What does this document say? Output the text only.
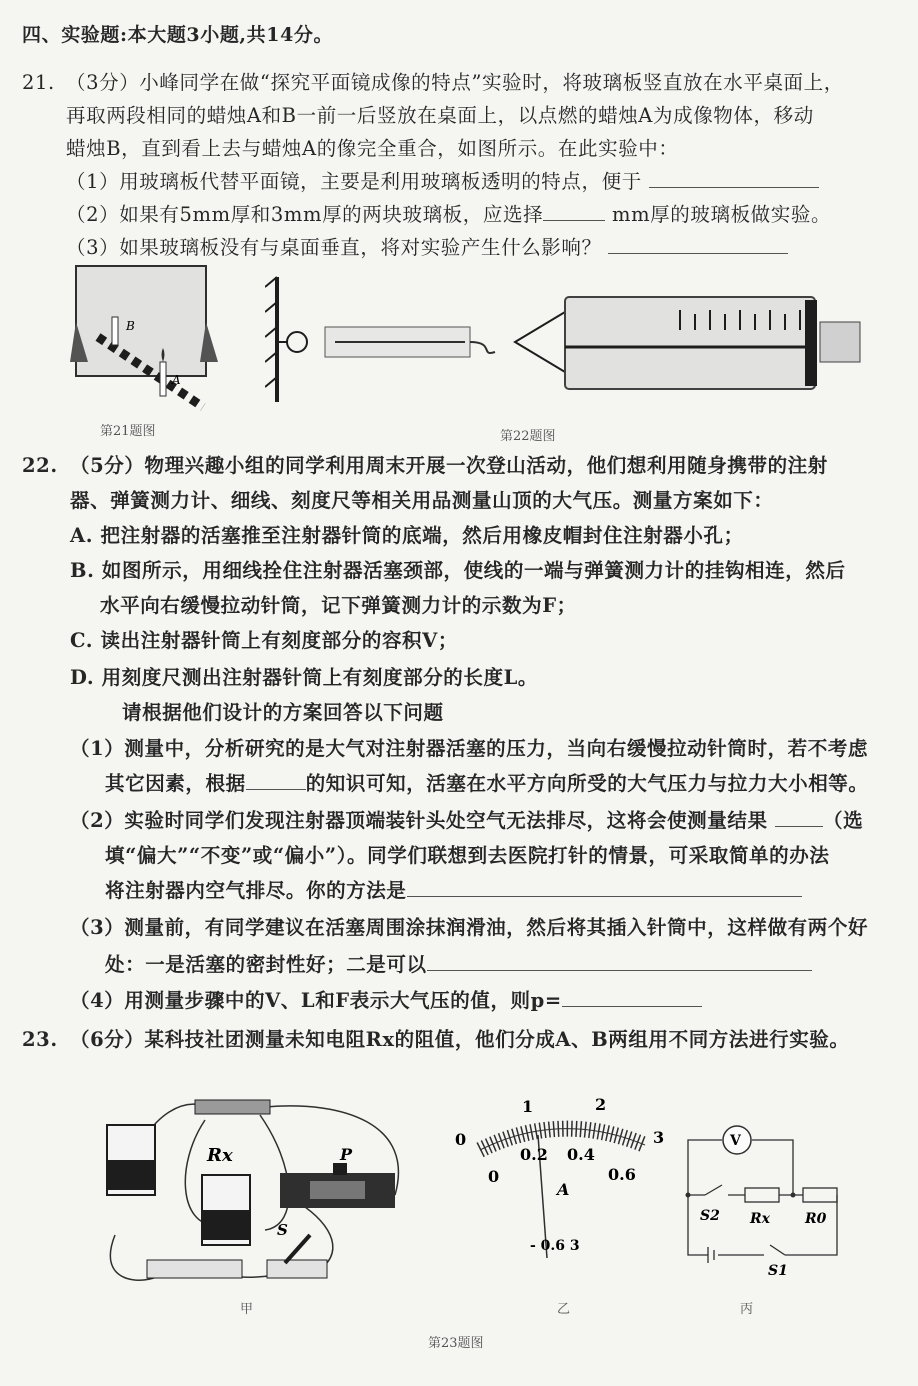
四、实验题:本大题3小题,共14分。
21. （3分）小峰同学在做“探究平面镜成像的特点”实验时，将玻璃板竖直放在水平桌面上，
再取两段相同的蜡烛A和B一前一后竖放在桌面上，以点燃的蜡烛A为成像物体，移动
蜡烛B，直到看上去与蜡烛A的像完全重合，如图所示。在此实验中：
（1）用玻璃板代替平面镜，主要是利用玻璃板透明的特点，便于
（2）如果有5mm厚和3mm厚的两块玻璃板，应选择	mm厚的玻璃板做实验。
（3）如果玻璃板没有与桌面垂直，将对实验产生什么影响？
B
A
第21题图	第22题图
22. （5分）物理兴趣小组的同学利用周末开展一次登山活动，他们想利用随身携带的注射
器、弹簧测力计、细线、刻度尺等相关用品测量山顶的大气压。测量方案如下：
A. 把注射器的活塞推至注射器针筒的底端，然后用橡皮帽封住注射器小孔；
B. 如图所示，用细线拴住注射器活塞颈部，使线的一端与弹簧测力计的挂钩相连，然后
水平向右缓慢拉动针筒，记下弹簧测力计的示数为F；
C. 读出注射器针筒上有刻度部分的容积V；
D. 用刻度尺测出注射器针筒上有刻度部分的长度L。
请根据他们设计的方案回答以下问题
（1）测量中，分析研究的是大气对注射器活塞的压力，当向右缓慢拉动针筒时，若不考虑
其它因素，根据	的知识可知，活塞在水平方向所受的大气压力与拉力大小相等。
（2）实验时同学们发现注射器顶端装针头处空气无法排尽，这将会使测量结果	（选
填“偏大”“不变”或“偏小”）。同学们联想到去医院打针的情景，可采取简单的办法
将注射器内空气排尽。你的方法是
（3）测量前，有同学建议在活塞周围涂抹润滑油，然后将其插入针筒中，这样做有两个好
处：一是活塞的密封性好；二是可以
（4）用测量步骤中的V、L和F表示大气压的值，则p=
23. （6分）某科技社团测量未知电阻Rx的阻值，他们分成A、B两组用不同方法进行实验。
Rx	P
S
甲
0
1	2
3
0
0.2 0.4
0.6
A
- 0.6 3
乙
V
S2 Rx	R0
S1
丙
第23题图
